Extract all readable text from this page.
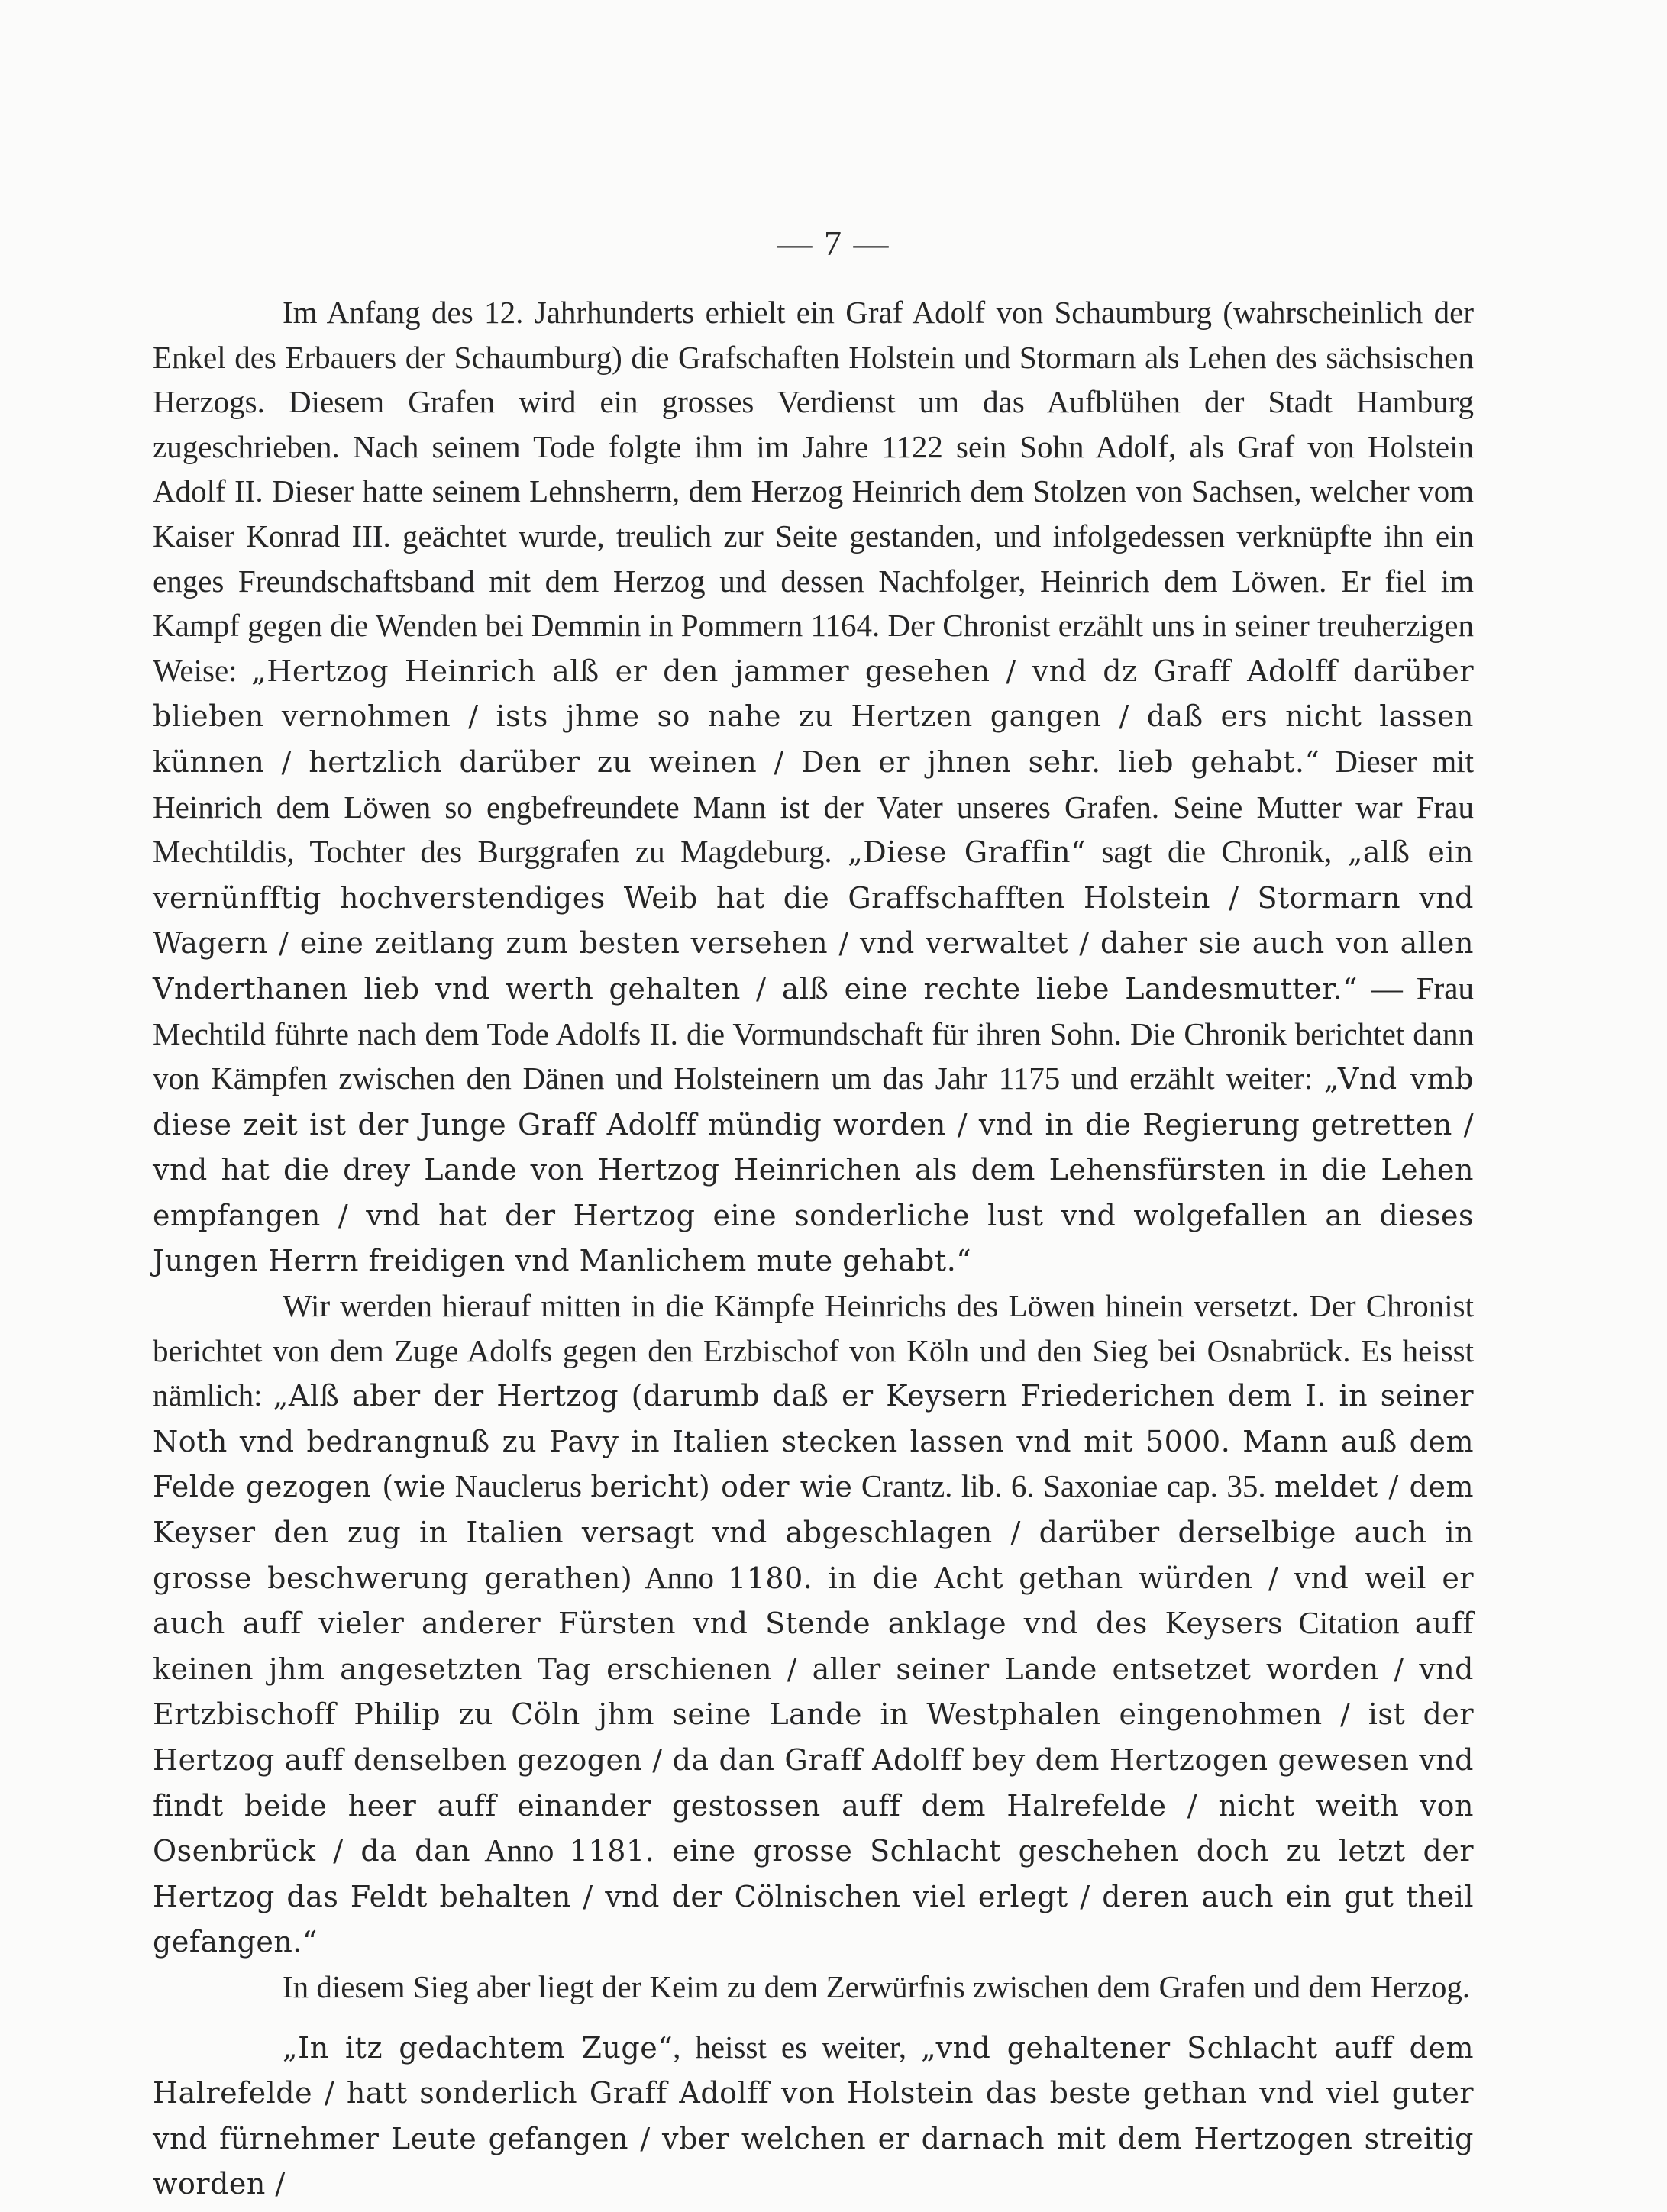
— 7 —

Im Anfang des 12. Jahrhunderts erhielt ein Graf Adolf von Schaumburg (wahrscheinlich der Enkel des Erbauers der Schaumburg) die Grafschaften Holstein und Stormarn als Lehen des sächsischen Herzogs. Diesem Grafen wird ein grosses Verdienst um das Aufblühen der Stadt Hamburg zugeschrieben. Nach seinem Tode folgte ihm im Jahre 1122 sein Sohn Adolf, als Graf von Holstein Adolf II. Dieser hatte seinem Lehnsherrn, dem Herzog Heinrich dem Stolzen von Sachsen, welcher vom Kaiser Konrad III. geächtet wurde, treulich zur Seite gestanden, und infolgedessen verknüpfte ihn ein enges Freundschaftsband mit dem Herzog und dessen Nachfolger, Heinrich dem Löwen. Er fiel im Kampf gegen die Wenden bei Demmin in Pommern 1164. Der Chronist erzählt uns in seiner treuherzigen Weise: „Hertzog Heinrich alß er den jammer gesehen / vnd dz Graff Adolff darüber blieben vernohmen / ists jhme so nahe zu Hertzen gangen / daß ers nicht lassen künnen / hertzlich darüber zu weinen / Den er jhnen sehr. lieb gehabt.“ Dieser mit Heinrich dem Löwen so engbefreundete Mann ist der Vater unseres Grafen. Seine Mutter war Frau Mechtildis, Tochter des Burggrafen zu Magdeburg. „Diese Graffin“ sagt die Chronik, „alß ein vernünfftig hochverstendiges Weib hat die Graffschafften Holstein / Stormarn vnd Wagern / eine zeitlang zum besten versehen / vnd verwaltet / daher sie auch von allen Vnderthanen lieb vnd werth gehalten / alß eine rechte liebe Landesmutter.“ — Frau Mechtild führte nach dem Tode Adolfs II. die Vormundschaft für ihren Sohn. Die Chronik berichtet dann von Kämpfen zwischen den Dänen und Holsteinern um das Jahr 1175 und erzählt weiter: „Vnd vmb diese zeit ist der Junge Graff Adolff mündig worden / vnd in die Regierung getretten / vnd hat die drey Lande von Hertzog Heinrichen als dem Lehensfürsten in die Lehen empfangen / vnd hat der Hertzog eine sonderliche lust vnd wolgefallen an dieses Jungen Herrn freidigen vnd Manlichem mute gehabt.“

Wir werden hierauf mitten in die Kämpfe Heinrichs des Löwen hinein versetzt. Der Chronist berichtet von dem Zuge Adolfs gegen den Erzbischof von Köln und den Sieg bei Osnabrück. Es heisst nämlich: „Alß aber der Hertzog (darumb daß er Keysern Friederichen dem I. in seiner Noth vnd bedrangnuß zu Pavy in Italien stecken lassen vnd mit 5000. Mann auß dem Felde gezogen (wie Nauclerus bericht) oder wie Crantz. lib. 6. Saxoniae cap. 35. meldet / dem Keyser den zug in Italien versagt vnd abgeschlagen / darüber derselbige auch in grosse beschwerung gerathen) Anno 1180. in die Acht gethan würden / vnd weil er auch auff vieler anderer Fürsten vnd Stende anklage vnd des Keysers Citation auff keinen jhm angesetzten Tag erschienen / aller seiner Lande entsetzet worden / vnd Ertzbischoff Philip zu Cöln jhm seine Lande in Westphalen eingenohmen / ist der Hertzog auff denselben gezogen / da dan Graff Adolff bey dem Hertzogen gewesen vnd findt beide heer auff einander gestossen auff dem Halrefelde / nicht weith von Osenbrück / da dan Anno 1181. eine grosse Schlacht geschehen doch zu letzt der Hertzog das Feldt behalten / vnd der Cölnischen viel erlegt / deren auch ein gut theil gefangen.“

In diesem Sieg aber liegt der Keim zu dem Zerwürfnis zwischen dem Grafen und dem Herzog.

„In itz gedachtem Zuge“, heisst es weiter, „vnd gehaltener Schlacht auff dem Halrefelde / hatt sonderlich Graff Adolff von Holstein das beste gethan vnd viel guter vnd fürnehmer Leute gefangen / vber welchen er darnach mit dem Hertzogen streitig worden /
